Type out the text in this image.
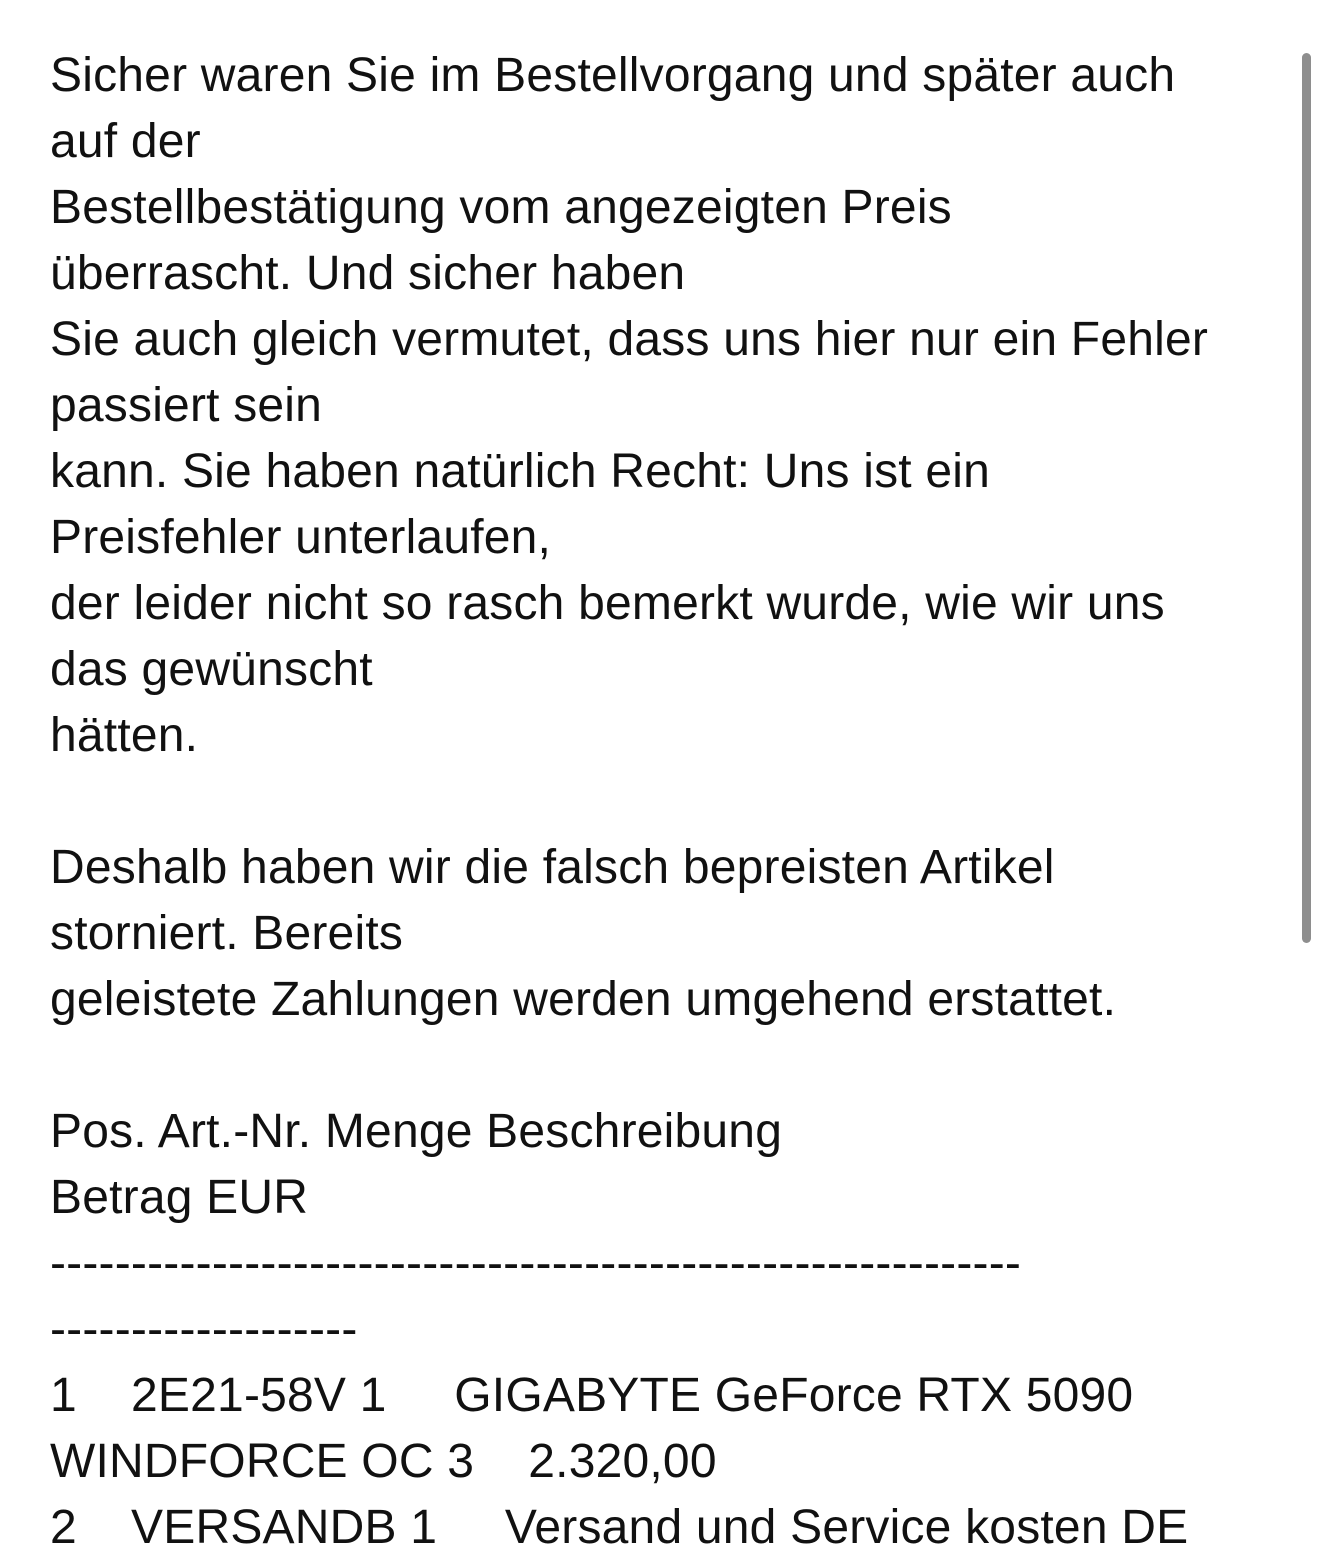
Sicher waren Sie im Bestellvorgang und später auch
auf der
Bestellbestätigung vom angezeigten Preis
überrascht. Und sicher haben
Sie auch gleich vermutet, dass uns hier nur ein Fehler
passiert sein
kann. Sie haben natürlich Recht: Uns ist ein
Preisfehler unterlaufen,
der leider nicht so rasch bemerkt wurde, wie wir uns
das gewünscht
hätten.
Deshalb haben wir die falsch bepreisten Artikel
storniert. Bereits
geleistete Zahlungen werden umgehend erstattet.
Pos. Art.-Nr. Menge Beschreibung
Betrag EUR
------------------------------------------------------------
-------------------
1    2E21-58V 1     GIGABYTE GeForce RTX 5090
WINDFORCE OC 3    2.320,00
2    VERSANDB 1     Versand und Service kosten DE
